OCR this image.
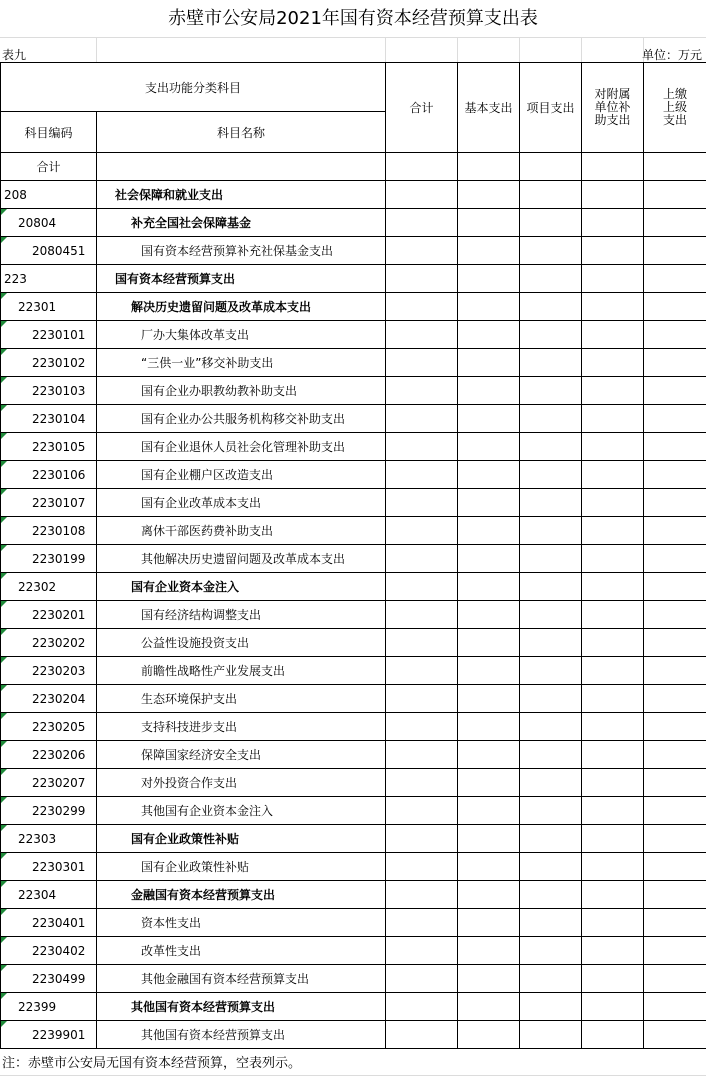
赤壁市公安局2021年国有资本经营预算支出表
表九	单位：万元
支出功能分类科目		合计	基本支出	项目支出	对附属单位补助支出	上缴上级支出

科目编码	科目名称					
合计						
208	社会保障和就业支出					
20804	补充全国社会保障基金					
2080451	国有资本经营预算补充社保基金支出					
223	国有资本经营预算支出					
22301	解决历史遗留问题及改革成本支出					
2230101	厂办大集体改革支出					
2230102	“三供一业”移交补助支出					
2230103	国有企业办职教幼教补助支出					
2230104	国有企业办公共服务机构移交补助支出					
2230105	国有企业退休人员社会化管理补助支出					
2230106	国有企业棚户区改造支出					
2230107	国有企业改革成本支出					
2230108	离休干部医药费补助支出					
2230199	其他解决历史遗留问题及改革成本支出					
22302	国有企业资本金注入					
2230201	国有经济结构调整支出					
2230202	公益性设施投资支出					
2230203	前瞻性战略性产业发展支出					
2230204	生态环境保护支出					
2230205	支持科技进步支出					
2230206	保障国家经济安全支出					
2230207	对外投资合作支出					
2230299	其他国有企业资本金注入					
22303	国有企业政策性补贴					
2230301	国有企业政策性补贴					
22304	金融国有资本经营预算支出					
2230401	资本性支出					
2230402	改革性支出					
2230499	其他金融国有资本经营预算支出					
22399	其他国有资本经营预算支出					
2239901	其他国有资本经营预算支出					
注：赤壁市公安局无国有资本经营预算，空表列示。
